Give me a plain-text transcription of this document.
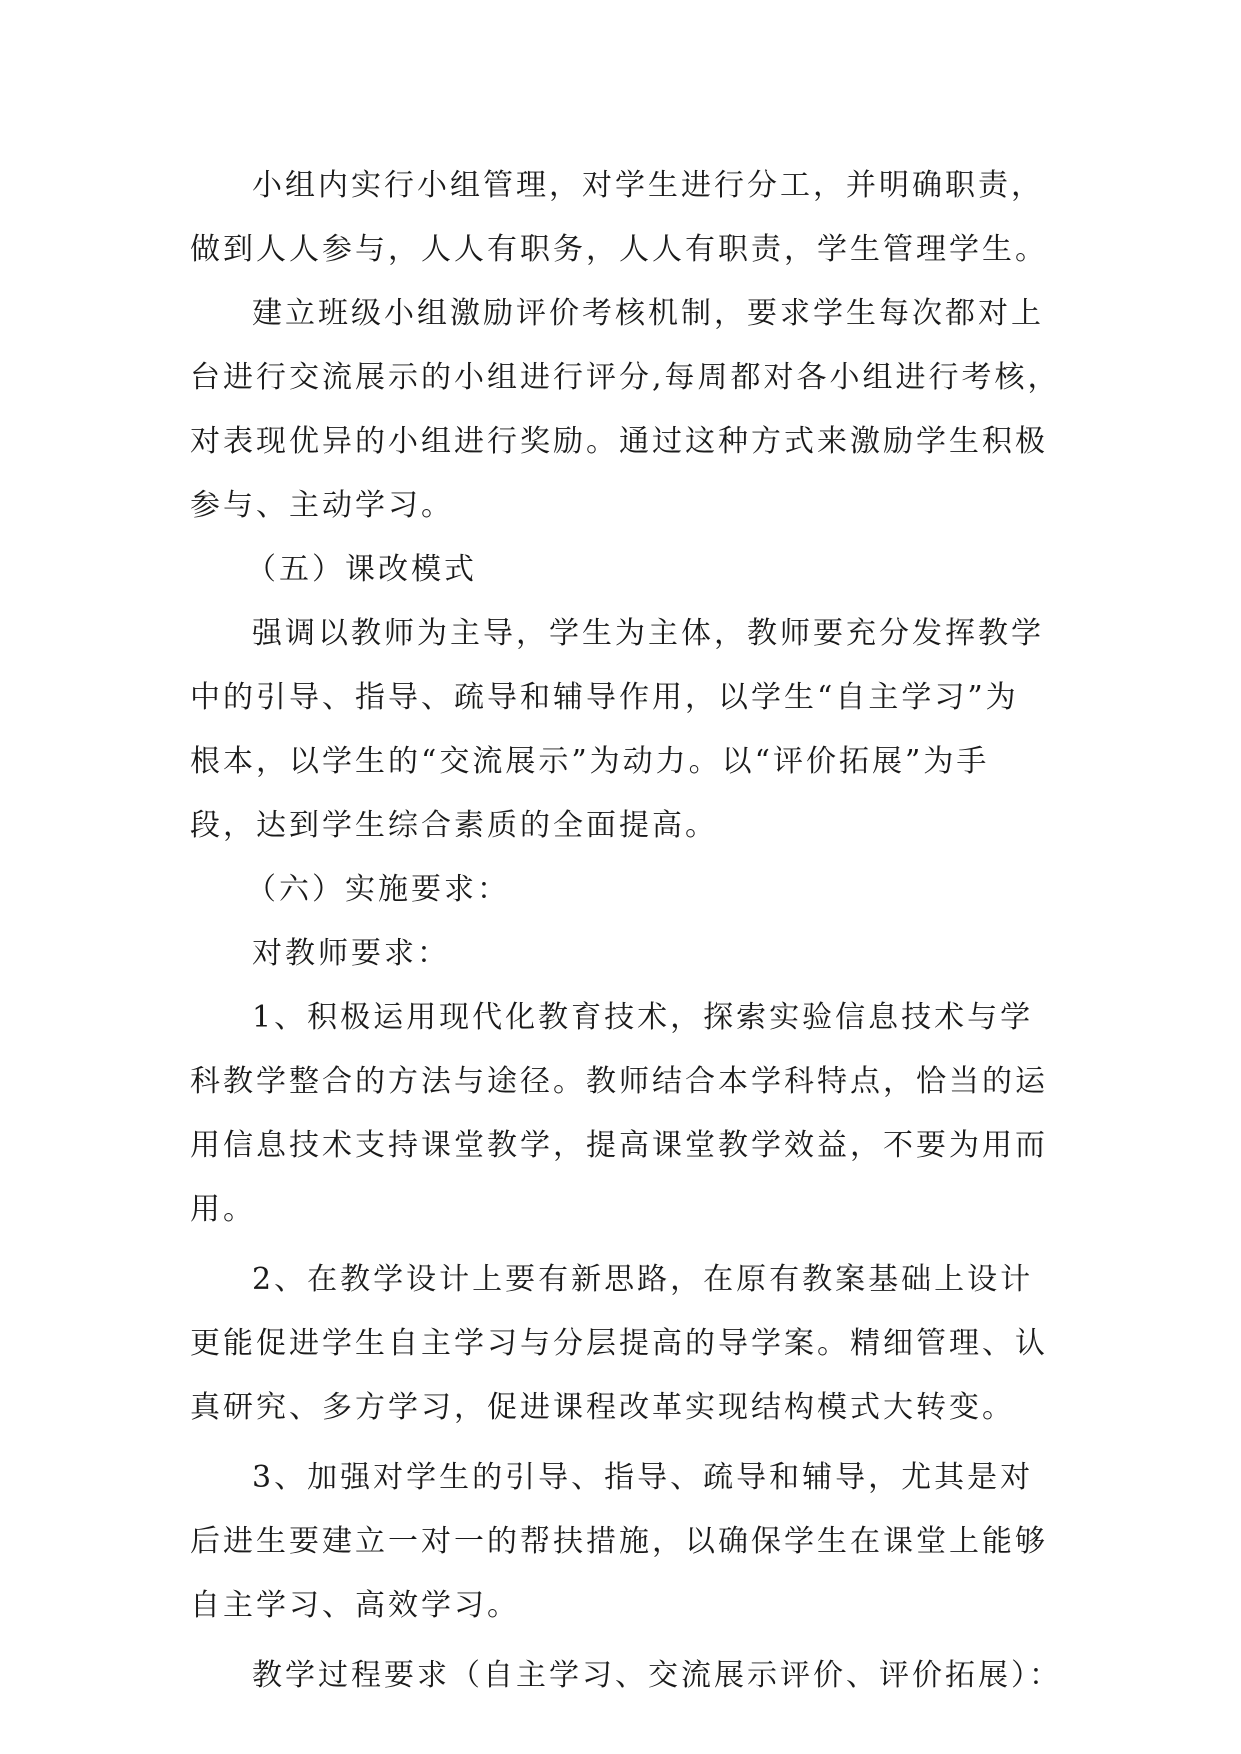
小组内实行小组管理，对学生进行分工，并明确职责，
做到人人参与，人人有职务，人人有职责，学生管理学生。
建立班级小组激励评价考核机制，要求学生每次都对上
台进行交流展示的小组进行评分,每周都对各小组进行考核，
对表现优异的小组进行奖励。通过这种方式来激励学生积极
参与、主动学习。
（五）课改模式
强调以教师为主导，学生为主体，教师要充分发挥教学
中的引导、指导、疏导和辅导作用，以学生“自主学习”为
根本，以学生的“交流展示”为动力。以“评价拓展”为手
段，达到学生综合素质的全面提高。
（六）实施要求：
对教师要求：
1、积极运用现代化教育技术，探索实验信息技术与学
科教学整合的方法与途径。教师结合本学科特点，恰当的运
用信息技术支持课堂教学，提高课堂教学效益，不要为用而
用。
2、在教学设计上要有新思路，在原有教案基础上设计
更能促进学生自主学习与分层提高的导学案。精细管理、认
真研究、多方学习，促进课程改革实现结构模式大转变。
3、加强对学生的引导、指导、疏导和辅导，尤其是对
后进生要建立一对一的帮扶措施，以确保学生在课堂上能够
自主学习、高效学习。
教学过程要求（自主学习、交流展示评价、评价拓展）：
